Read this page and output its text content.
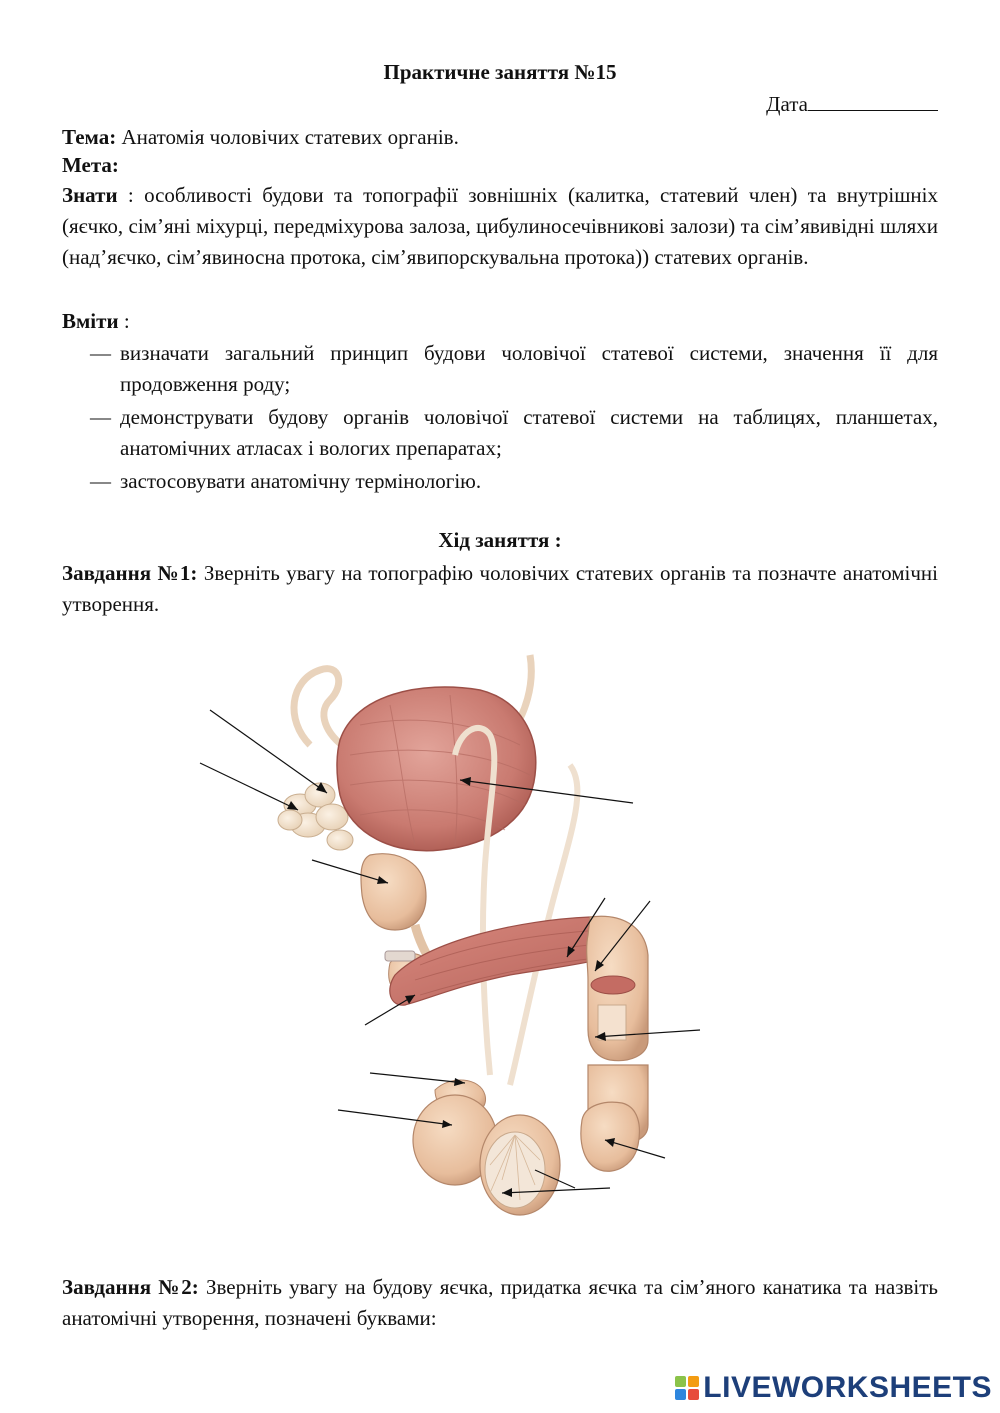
Практичне заняття №15
Дата
Тема: Анатомія чоловічих статевих органів.
Мета:
Знати : особливості будови та топографії зовнішніх (калитка, статевий член) та внутрішніх (яєчко, сім’яні міхурці, передміхурова залоза, цибулиносечівникові залози) та сім’явивідні шляхи (над’яєчко, сім’явиносна протока, сім’явипорскувальна протока)) статевих органів.
Вміти :
— визначати загальний принцип будови чоловічої статевої системи, значення її для продовження роду;
— демонструвати будову органів чоловічої статевої системи на таблицях, планшетах, анатомічних атласах і вологих препаратах;
— застосовувати анатомічну термінологію.
Хід заняття :
Завдання №1: Зверніть увагу на топографію чоловічих статевих органів та позначте анатомічні утворення.
Завдання №2: Зверніть увагу на будову яєчка, придатка яєчка та сім’яного канатика та назвіть анатомічні утворення, позначені буквами:
LIVEWORKSHEETS
